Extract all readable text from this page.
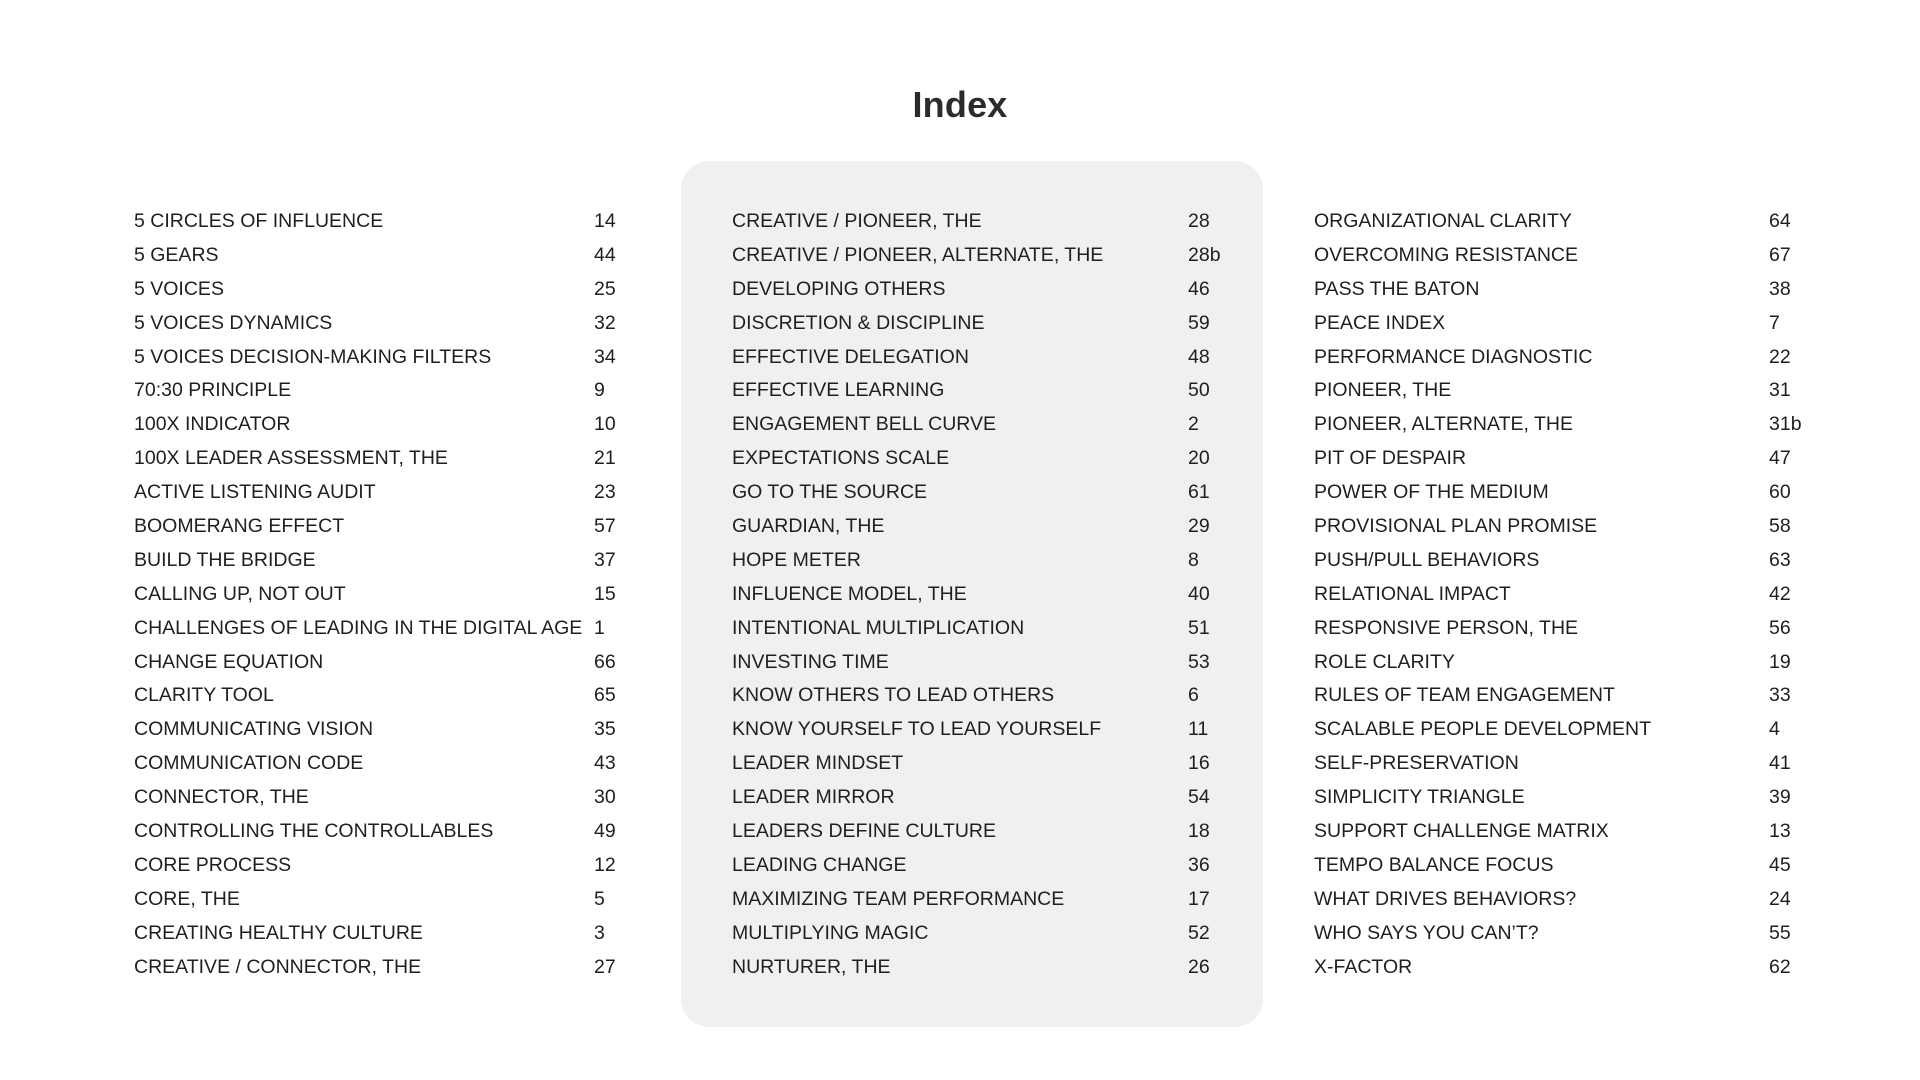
Index
5 CIRCLES OF INFLUENCE	14
5 GEARS	44
5 VOICES	25
5 VOICES DYNAMICS	32
5 VOICES DECISION-MAKING FILTERS	34
70:30 PRINCIPLE	9
100X INDICATOR	10
100X LEADER ASSESSMENT, THE	21
ACTIVE LISTENING AUDIT	23
BOOMERANG EFFECT	57
BUILD THE BRIDGE	37
CALLING UP, NOT OUT	15
CHALLENGES OF LEADING IN THE DIGITAL AGE 1
CHANGE EQUATION	66
CLARITY TOOL	65
COMMUNICATING VISION	35
COMMUNICATION CODE	43
CONNECTOR, THE	30
CONTROLLING THE CONTROLLABLES	49
CORE PROCESS	12
CORE, THE	5
CREATING HEALTHY CULTURE	3
CREATIVE / CONNECTOR, THE	27
CREATIVE / PIONEER, THE	28
CREATIVE / PIONEER, ALTERNATE, THE	28b
DEVELOPING OTHERS	46
DISCRETION & DISCIPLINE	59
EFFECTIVE DELEGATION	48
EFFECTIVE LEARNING	50
ENGAGEMENT BELL CURVE	2
EXPECTATIONS SCALE	20
GO TO THE SOURCE	61
GUARDIAN, THE	29
HOPE METER	8
INFLUENCE MODEL, THE	40
INTENTIONAL MULTIPLICATION	51
INVESTING TIME	53
KNOW OTHERS TO LEAD OTHERS	6
KNOW YOURSELF TO LEAD YOURSELF	11
LEADER MINDSET	16
LEADER MIRROR	54
LEADERS DEFINE CULTURE	18
LEADING CHANGE	36
MAXIMIZING TEAM PERFORMANCE	17
MULTIPLYING MAGIC	52
NURTURER, THE	26
ORGANIZATIONAL CLARITY	64
OVERCOMING RESISTANCE	67
PASS THE BATON	38
PEACE INDEX	7
PERFORMANCE DIAGNOSTIC	22
PIONEER, THE	31
PIONEER, ALTERNATE, THE	31b
PIT OF DESPAIR	47
POWER OF THE MEDIUM	60
PROVISIONAL PLAN PROMISE	58
PUSH/PULL BEHAVIORS	63
RELATIONAL IMPACT	42
RESPONSIVE PERSON, THE	56
ROLE CLARITY	19
RULES OF TEAM ENGAGEMENT	33
SCALABLE PEOPLE DEVELOPMENT	4
SELF-PRESERVATION	41
SIMPLICITY TRIANGLE	39
SUPPORT CHALLENGE MATRIX	13
TEMPO BALANCE FOCUS	45
WHAT DRIVES BEHAVIORS?	24
WHO SAYS YOU CAN’T?	55
X-FACTOR	62
